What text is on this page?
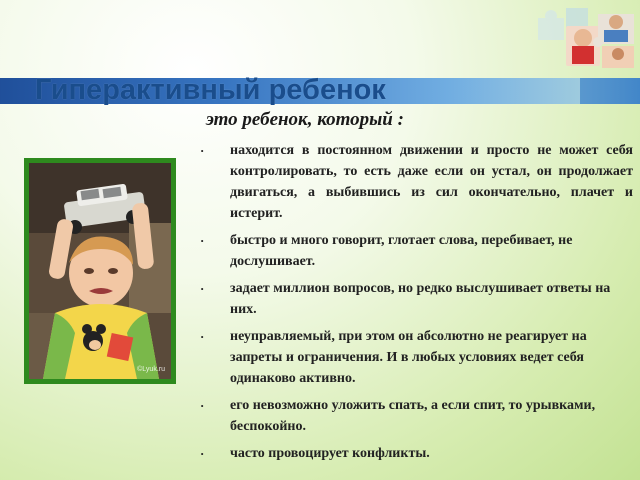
Гиперактивный ребенок
это ребенок, который :
©Lyuk.ru
·	находится в постоянном движении и просто не может себя контролировать, то есть даже если он устал, он продолжает двигаться, а выбившись из сил окончательно, плачет и истерит.
·	быстро и много говорит, глотает слова, перебивает, не дослушивает.
·	задает миллион вопросов, но редко выслушивает ответы на них.
·	неуправляемый, при этом он абсолютно не реагирует на запреты и ограничения. И в любых условиях ведет себя одинаково активно.
·	его невозможно уложить спать, а если спит, то урывками, беспокойно.
·	часто провоцирует конфликты.
